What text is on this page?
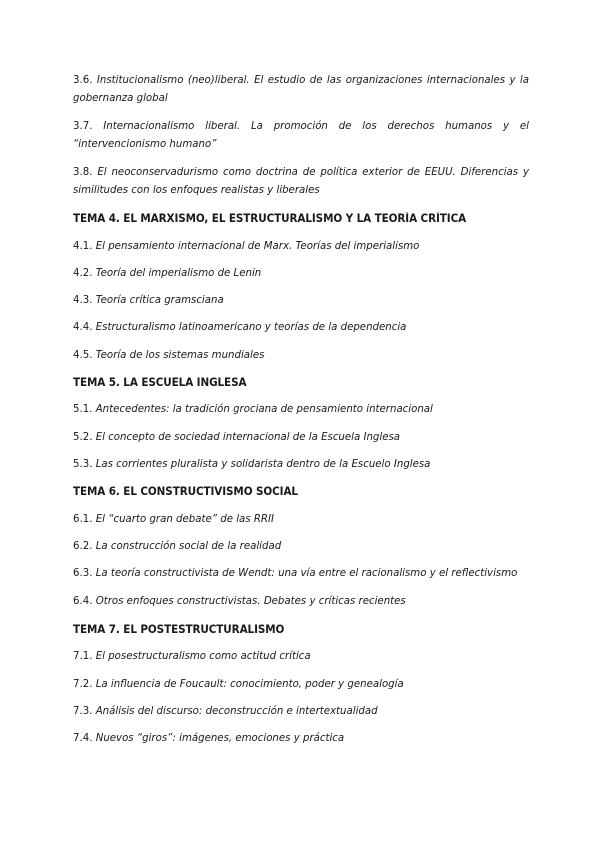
3.6. Institucionalismo (neo)liberal. El estudio de las organizaciones internacionales y la gobernanza global

3.7. Internacionalismo liberal. La promoción de los derechos humanos y el “intervencionismo humano”

3.8. El neoconservadurismo como doctrina de política exterior de EEUU. Diferencias y similitudes con los enfoques realistas y liberales

TEMA 4. EL MARXISMO, EL ESTRUCTURALISMO Y LA TEORÍA CRÍTICA

4.1. El pensamiento internacional de Marx. Teorías del imperialismo

4.2. Teoría del imperialismo de Lenin

4.3. Teoría crítica gramsciana

4.4. Estructuralismo latinoamericano y teorías de la dependencia

4.5. Teoría de los sistemas mundiales

TEMA 5. LA ESCUELA INGLESA

5.1. Antecedentes: la tradición grociana de pensamiento internacional

5.2. El concepto de sociedad internacional de la Escuela Inglesa

5.3. Las corrientes pluralista y solidarista dentro de la Escuelo Inglesa

TEMA 6. EL CONSTRUCTIVISMO SOCIAL

6.1. El “cuarto gran debate” de las RRII

6.2. La construcción social de la realidad

6.3. La teoría constructivista de Wendt: una vía entre el racionalismo y el reflectivismo

6.4. Otros enfoques constructivistas. Debates y críticas recientes

TEMA 7. EL POSTESTRUCTURALISMO

7.1. El posestructuralismo como actitud crítica

7.2. La influencia de Foucault: conocimiento, poder y genealogía

7.3. Análisis del discurso: deconstrucción e intertextualidad

7.4. Nuevos “giros”: imágenes, emociones y práctica
